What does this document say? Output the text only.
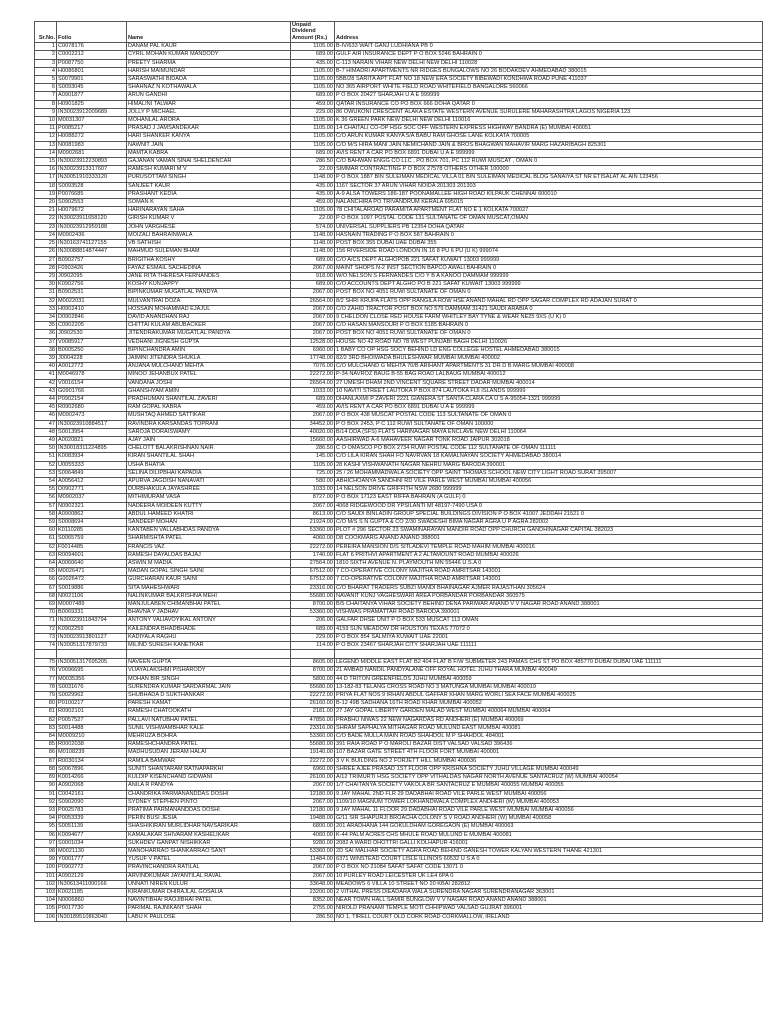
Sr.No.	Folio	Name	Unpaid
Dividend
Amount (Rs.)	Address
1	C0078176	DANAM PAL KAUR	1105.00	B-IV/633 WAIT GANJ LUDHIANA PB 0
2	C0002212	CYRIL MOHAN KUMAR MANDODY	689.00	GULF AIR INSURANCE DEPT P O BOX 5246 BAHRAIN 0
3	P0087750	PREETY SHARMA	435.00	C-113 NARAIN VIHAR NEW DELHI NEW DELHI 110028
4	H0086801	HARISH MAIMUNDAR	1105.00	B-7 HIMADRI APARTMENTS NR RIDGES BUNGALOWS NO 26 BODAKDEV AHMEDABAD 380015
5	S0079901	SARASWATHI BIDADA	1105.00	5BB/28 SARITA APT FLAT NO 18 NEW ERA SOCIETY BIBEWADI KONDHWA ROAD PUNE 411037
6	S0093045	SHAHNAZ N KOTHAWALA	1105.00	NO 365 AIRPORT WHITE FIELD ROAD WHITEFIELD BANGALORE 560066
7	A0901877	ARUN GANDHI	689.00	P O BOX 20427 SHARJAH U A E 999999
8	H0901825	HIMALINI TALWAR	459.00	QATAR INSURANCE CO PO BOX 666 DOHA QATAR 0
9	IN30023912009689	JOLLY P MICHAEL	229.00	86 OWUKONI CRESCENT ALAKA ESTATE WESTERN AVENUE SURULERE MAHARASHTRA LAGOS NIGERIA 123
10	M0031307	MOHANLAL ARORA	1105.00	K 36 GREEN PARK NEW DELHI NEW DELHI 110016
11	P0085217	PRASAD J JAMSANDEKAR	1105.00	14 CHAITALI CO-OP HSG SOC OFF WESTERN EXPRESS HIGHWAY BANDRA (E) MUMBAI 400051
12	H0088272	HARI SHANKER KANYA	1105.00	C/O ARUN KUMAR KANYA 5/A BABU RAM GHOSE LANE KOLKATA 700005
13	N0081983	NAWNIT JAIN	1105.00	C/O M/S HIRA MANI JAIN NEMICHAND JAIN & BROS BHAGWAN MAHAVIR MARG HAZARIBAGH 825301
14	M0902681	MAMTA KABRA	689.00	AVIS RENT A CAR PO BOX 6891 DUBAI U A E 999999
15	IN30023912230893	GAJANAN VAMAN SINAI SHELDENCAR	286.50	C/O BAHWAN ENGG CO LLC , PO BOX 701, PC 112 RUWI MUSCAT , OMAN 0
16	IN30023913317607	RAMESH KUMARI M V	22.00	SIMMAR CONTRACTING P O BOX 27578 OTHERS OTHER 100000
17	IN30051910333120	PURUSOTTAM SINGH	1148.00	P O BOX 1887 BIN SULEIMAN MEDICAL VILLA 01 BIN SULEIMAN MEDICAL BLDG SANAIYA ST NR ETISALAT AL AIN 123456
18	S0093528	SANJEET KAUR	435.00	1167 SECTOR 37 ARUN VIHAR NOIDA 201303 201303
19	P0076685	PRASHANT KEDIA	435.00	A-9 ALSA TOWERS 186-187 POONAMALLEE HIGH ROAD KILPAUK CHENNAI 600010
20	S0902553	SOMAN K	459.00	NALANCHIRA PO TRIVANDRUM KERALA 695015
21	H0079672	HARINARAYAN SAHA	1105.00	78 CHITALAROAD PARAMITA APARTMENT FLAT NO E 1 KOLKATA 700027
22	IN30023911658120	GIRISH KUMAR V	22.00	P O BOX 1097 POSTAL CODE 131 SULTANATE OF OMAN MUSCAT,OMAN
23	IN30023912959188	JOHN VARGHESE	574.00	UNIVERSAL SUPPLIERS PB 12354 DOHA QATAR
24	M0902436	MOIZALI BAHRAINWALA	1148.00	HASNAIN TRADING P O BOX 587 BAHRAIN 0
25	IN30163741127155	VB SATHISH	1148.00	POST BOX 355 DUBAI UAE DUBAI 355
26	IN30088814874447	MAHMUD SULEMAN BHAM	1148.00	156 RIVERSIDE ROAD LONDON IN 16 8 PU 6 PU (U K) 999074
27	B0902757	BRIGITHA KOSHY	689.00	C/O A/CS DEPT ALGHOPOB 221 SAFAT KUWAIT 13003 999999
28	F0903426	FAYAZ ESMAIL SACHEDINA	2067.00	MAINT SHOPS N-2 INST SECTION BAPCO AWALI BAHRAIN 0
29	J0902095	JANE RITA THERESA FERNANDES	918.00	W/O NELSON S FERNANDES C/O Y B A KANOO DAMMAM 999999
30	K0902756	KOSHY KUNJAPPY	689.00	C/O ACCOUNTS DEPT ALGHO PO B 221 SAFAT KUWAIT 13003 999999
31	B0902531	BIPINKUMAR MUGATLAL PANDYA	2067.00	POST BOX NO 4051 RUWI SULTANATE OF OMAN 0
32	M0022031	MULVANTRAI DOZA	26564.00	8/2 SHRI KRUPA FLATS OPP RANGILA ROW HSE ANAND MAHAL RD OPP SAGAR COMPLEX RD ADAJAN SURAT 0
33	H0902410	HOSSAIN MOHAMMAD EJAJUL	2067.00	C/O ZAHID TRACTOR POST BOX NO 579 DAMMAM 31421 SAUDI ARABIA 0
34	D0902846	DAVID ANANDHAN RAJ	2067.00	9 CHELDON CLOSE RED HOUSE FARM WHITLEY BAY TYNE & WEAR NE25 9XS (U K) 0
35	C0902205	CHITTAI KULAM ABUBACKER	2067.00	C/O HASAN MANSOURI P O BOX 5185 BAHRAIN 0
36	J0902530	JITENDRAKUMAR MUGATLAL PANDYA	2067.00	POST BOX NO 4051 RUWI SULTANATE OF OMAN 0
37	V0085917	VEDHANI JIGNESH GUPTA	12528.00	HOUSE NO 42 ROAD NO 78 WEST PUNJABI BAGH DELHI 110026
38	B0005250	BIPINCHANDRA AMIN	6960.00	1 BABY CO OP HSG SOCY BEHIND LD ENG COLLEGE HOSTEL AHMEDABAD 380015
39	J0004228	JAIMINI JITENDRA SHUKLA	17748.00	82/2 3RD BHOIWADA BHULESHWAR MUMBAI MUMBAI 400002
40	A0012772	ANJANA MULCHAND MEHTA	7076.00	C/O MULCHAND G MEHTA 70/B ARIHANT APARTMENTS 31 DR D B MARG MUMBAI 400008
41	M0046978	MINOO JEHANBUX PATEL	22272.00	P-34 NAVROZ BAUG B-55 BAG ROAD LALBAUG MUMBAI 400012
42	V0016154	VANDANA JOSHI	26564.00	27 UMESH DHAM 2ND VINCENT SQUARE STREET DADAR MUMBAI 400014
43	G0901766	GHANSHYAM AMIN	1033.00	10 NAVITI STREET LAUTOKA P BOX 874 LAUTOKA FIJI ISLANDS 999999
44	P0902154	PRADHUMAN SHANTILAL ZAVERI	689.00	DHANLAXMI P ZAVERI 2221 GIANERA ST SANTA CLARA CA U S A-95054-1321 999999
45	R0902680	RAM GOPAL KABRA	459.00	AVIS RENT A CAR PO BOX 6891 DUBAI U A E 999999
46	M0902473	MUSHTAQ AHMED SATTIKAR	2067.00	P O BOX 438 MUSCAT POSTAL CODE 113 SULTANATE OF OMAN 0
47	IN30023910884517	RAVINDRA KARSANDAS TOPRANI	34452.00	P O BOX 2453, P C 112 RUWI SULTANATE OF OMAN 100000
48	S0013954	SAROJA DORAISWAMY	40020.00	B/14 DDA (SFS) FLATS HARINAGAR MAYA ENCLAVE NEW DELHI 110064
49	A0020821	AJAY JAIN	15660.00	AASHIRWAD A-6 MAHAVEER NAGAR TONK ROAD JAIPUR 302018
50	IN30018311224895	CHELOTT BALAKRISHNAN NAIR	286.50	C O OMASCO PO BOX 2734 RUWI POSTAL CODE 112 SULTANATE OF OMAN 111111
51	K0083934	KIRAN SHANTILAL SHAH	145.00	C/O LILA KIRAN SHAH FO NAVRVAN 18 KAMALNAYAN SOCIETY AHMEDABAD 380014
52	U0055333	USHA BHATIA	1105.00	28 KASHI VISHWANATH NAGAR NEHRU MARG BARODA 390001
53	S0064849	SELINA DILIPBHAI KAPADIA	725.00	25 / 26 MOHAMMADWALA SOCIETY OPP SAINT THOMAS SCHOOL NEW CITY LIGHT ROAD SURAT 395007
54	A0056412	APURVA JAGDISH NANAVATI	580.00	ABHICHOANYA SANDHNI RD VILE PARLE WEST MUMBAI MUMBAI 400056
55	D0902771	DURBHAKULA JAYASHREE	1033.00	14 NELSON DRIVE GRIFFITH NSW 2680 999999
56	M0902037	MITHIMURAM VASA	8727.00	P O BOX 17123 EAST RIFFA BAHRAIN (A GULF) 0
57	N0902321	NADEERA MOIDEEN KUTTY	2067.00	4068 RIDGEWOOD DR YPSILANTI MI 48197-7490 USA 0
58	A0900862	ABDUL HAMEED KHATRI	8613.00	C/O SAUDI BINLADIN GROUP SPECIAL BUILDINGS DIVISION P O BOX 41007 JEDDAH 21521 0
59	S0008694	SANDEEP MOHAN	21924.00	C/O M/S S N GUPTA & CO 2/30 SWADESHI BIMA NAGAR AGRA U P AGRA 282002
60	K0110285	KANTABEN VALLABHDAS PANDYA	53360.00	PLOT # 296 SECTOR 23 SWAMINARAYAN MANDIR ROAD OPP CHURCH GANDHINAGAR CAPITAL 382023
61	S0065759	SHARMISHTA PATEL	4060.00	D8 COOKMARG ANAND ANAND 388001
62	F0014485	FRANCIS VAZ	22272.00	PEREIRA MANSION D/S SITLADEVI TEMPLE ROAD MAHIM MUMBAI 400016
63	R0094601	RAMESH DAYALDAS BAJAJ	1740.00	FLAT 6 PRITHVI APARTMENT A 2 ALTAMOUNT ROAD MUMBAI 400026
64	A0060640	ASWIN M MADIA	27564.00	1810 SIXTH AVENUE N. PLAYMOUTH MN 55446 U.S.A 0
65	M0026471	MADAN GOPAL SINGH SAINI	67512.00	7 CO-OPERATIVE COLONY MAJITHA ROAD AMRITSAR 143001
66	G0026472	GURCHARAN KAUR SAINI	67512.00	7 CO-OPERATIVE COLONY MAJITHA ROAD AMRITSAR 143001
67	S0019886	SITA MAHESHWARI	23316.00	C/O BHARAT TRADERS SUBZI MANDI BHAINAGAR AJMER RAJASTHAN 305624
68	N0021106	NALINKUMAR BALKRISHNA MEHI	55680.00	NAVANIT KUNJ VAGHESWARI AREA PORBANDAR PORBANDAR 360575
69	M0007489	MANJULABEN CHIMANBHAI PATEL	8700.00	B/5 CHAITANYA VIHAR SOCIETY BEHIND DENA PARIWAR ANAND V V NAGAR ROAD ANAND 388001
70	B0069331	BHAVNA Y JADHAV	53360.00	VISHWAS PRAMATTAR ROAD BARODA 390001
71	IN30023911843794	ANTONY VALIAVOYIKAL ANTONY	206.00	GALFAR DHSE UNIT P O BOX 533 MUSCAT 113 OMAN
72	K0902259	KAILENDRA BHADBHADE	689.00	4159 SUN MEADOW DR HOUSTON TEXAS 77072 0
73	IN30023913801127	KADIYALA RAGHU	229.00	P O BOX 854 SALMIYA KUWAIT UAE 22001
74	IN30051317879733	MILIND SURESH KANETKAR	114.00	P O BOX 23467 SHARJAH CITY SHARJAH UAE 111111

75	IN30051317695205	NAVEEN GUPTA	8605.00	LEGEND MIDDLE EAST FLAT B2 404 FLAT B F/W SUBMETER 243 PAMAS CHS ST PO BOX 485770 DUBAI DUBAI UAE 111111
76	V0096695	VIJAYALAKSHMI PISHARODY	8700.00	21 AMBAD NANDIL PANDYALANE OFF ROYAL HOTEL JUHU THARA MUMBAI 400049
77	M0035356	MOHAN BIR SINGH	5800.00	44 D TRITON GREENFIELDS JUHU MUMBAI 400059
78	S0031676	SURENDRA KUMAR SARDARMAL JAIN	55680.00	13-182-83 TELANG CROSS ROAD NO 3 MATUNGA MUMBAI MUMBAI 400019
79	S0029962	SHUBHADA D SUKTHANKAR	22272.00	PRIYA FLAT NOS 9 IRHAN ABDUL GAFFAR KHAN MARG WORLI SEA FACE MUMBAI 400025
80	P0100217	PARESH KAMAT	26160.00	B-12 49B SADHANA 16TH ROAD KHAR MUMBAI 400052
81	R0902101	RAMESH CHATOOKATH	2181.00	27 JAY GOPAL LIBERTY GARDEN MALAD WEST MUMBAI 400064 MUMBAI 400064
82	P0057527	PALLAVI NATUBHAI PATEL	47856.00	PRABHU NIWAS 22 NEW NAGARDAS RD ANDHERI (E) MUMBAI 400069
83	S0014488	SUNIL VISHWAMBHAR KALE	23316.00	SHRAM SAPHALYA MITHAGAR ROAD MULUND EAST MUMBAI 400081
84	M0009210	MEHRUZA BOHRA	53360.00	C/O BADE MULLA MAIN ROAD SHAHDOL M P SHAHDOL 484001
85	R0002038	RAMESHCHANDRA PATEL	55680.00	391 RAIA ROAD P O MAROLI BAZAR DIST VALSAD VALSAD 396436
86	M0108239	MADHUSUDAN JERAM HALAI	19140.00	107 BAZAR GATE STREET 4TH FLOOR FORT MUMBAI 400001
87	R0030134	RAMILA BAMWAR	22272.00	3 V K BUILDING NO 2 FORJETT HILL MUMBAI 400036
88	S0067896	SUNITI SHANTARAM RATNAPARKHI	6960.00	SHREE AJEE PRASAD 1ST FLOOR OPP KRISHNA SOCIETY JUHU VILLAGE MUMBAI 400049
89	K0014266	KULDIP KISENCHAND GIDWANI	26100.00	A/12 TRIMURTI HSG SOCIETY OPP VITHALDAS NAGAR NORTH AVENUE SANTACRUZ (W) MUMBAI 400054
90	A0902068	ANILA R PANDYA	2067.00	1/7 CHAITANYA SOCIETY VAKOLA BR SANTACRUZ E MUMBAI 400055 MUMBAI 400055
91	C0042161	CHANDRIKA PARMANANDDAS DOSHI	12180.00	9 JAY MAHAL 2ND FLR 29 DADABHAI ROAD VILE PARLE WEST MUMBAI 400056
92	S0902090	SYDNEY STEPHEN PINTO	2067.00	1109/10 MAGNUM TOWER LOKHANDWALA COMPLEX ANDHERI (W) MUMBAI 400053
93	P0025783	PRATIMA PARMANANDDAS DOSHI	12180.00	9 JAY MAHAL 11 FLOOR 29 DADABHAI ROAD VILE PARLE WEST MUMBAI MUMBAI 400056
94	P0053339	PERIN BUSI JESIA	19488.00	G/11 SIR SHAPURJI BROACHA COLONY S V ROAD ANDHERI (W) MUMBAI 400058
95	S0051139	SHASHIKIRAN MURLIDHAR NAVSARIKAR	6800.00	201 ARADHANA 144 GOKULDHAM GOREGAON (E) MUMBAI 400063
96	K0094677	KAMALAKAR SHIVARAM KASHELIKAR	4060.00	K-44 PALM ACRES CHS MHULE ROAD MULUND E MUMBAI 400081
97	S0001034	SUKHDEV GANPAT NISHIKKAR	9280.00	2082 A WARD DHOTTRI GALLI KOLHAPUR 416001
98	M0021130	MANOHARRAO SHANKARRAO SANT	53360.00	2D SAI MALHAR SOCIETY AGRA ROAD BEHIND GANESH TOWER KALYAN WESTERN THANE 421301
99	Y0001777	YUSUF V PATEL	11484.00	6371 WINSTEAD COURT LISLE ILLINOIS 60532 U S A 0
100	P0902772	PRAVINCHANDRA RATILAL	2067.00	P O BOX NO 21084 SAFAT SAFAT CODE 13071 0
101	A0902129	ARVINDKUMAR JAYANTILAL RAVAL	2067.00	10 PURLEY ROAD LEICESTER UK LE4 6PA 0
102	IN30613411000166	UNNATI NIREN KULUR	33648.00	MEADOWS 6 VILLA 10 STREET NO 20 KBAI 282812
103	K0021185	KIRANKUMAR DHIRAJLAL GOSALIA	23200.00	2 VITHAL PRESS DIEADARA WALA SURENDRA NAGAR SURENDRANAGAR 363001
104	N0006860	NAVINTIBHAI RAOJIBHAI PATEL	8352.00	NEAR TOWN HALL SAMIR BUNGLOW V V NAGAR ROAD ANAND ANAND 388001
105	P0017730	PARIMAL RAJNIKANT SHAH	2755.00	NIROLD PRANAMI TEMPLE MOTI CHHIPWAD VALSAD GUJRAT 396001
106	IN30189510863040	LABU K PAULOSE	286.50	NO 1, TIRELL COURT OLD CORK ROAD CORKMALLOW, IRELAND
